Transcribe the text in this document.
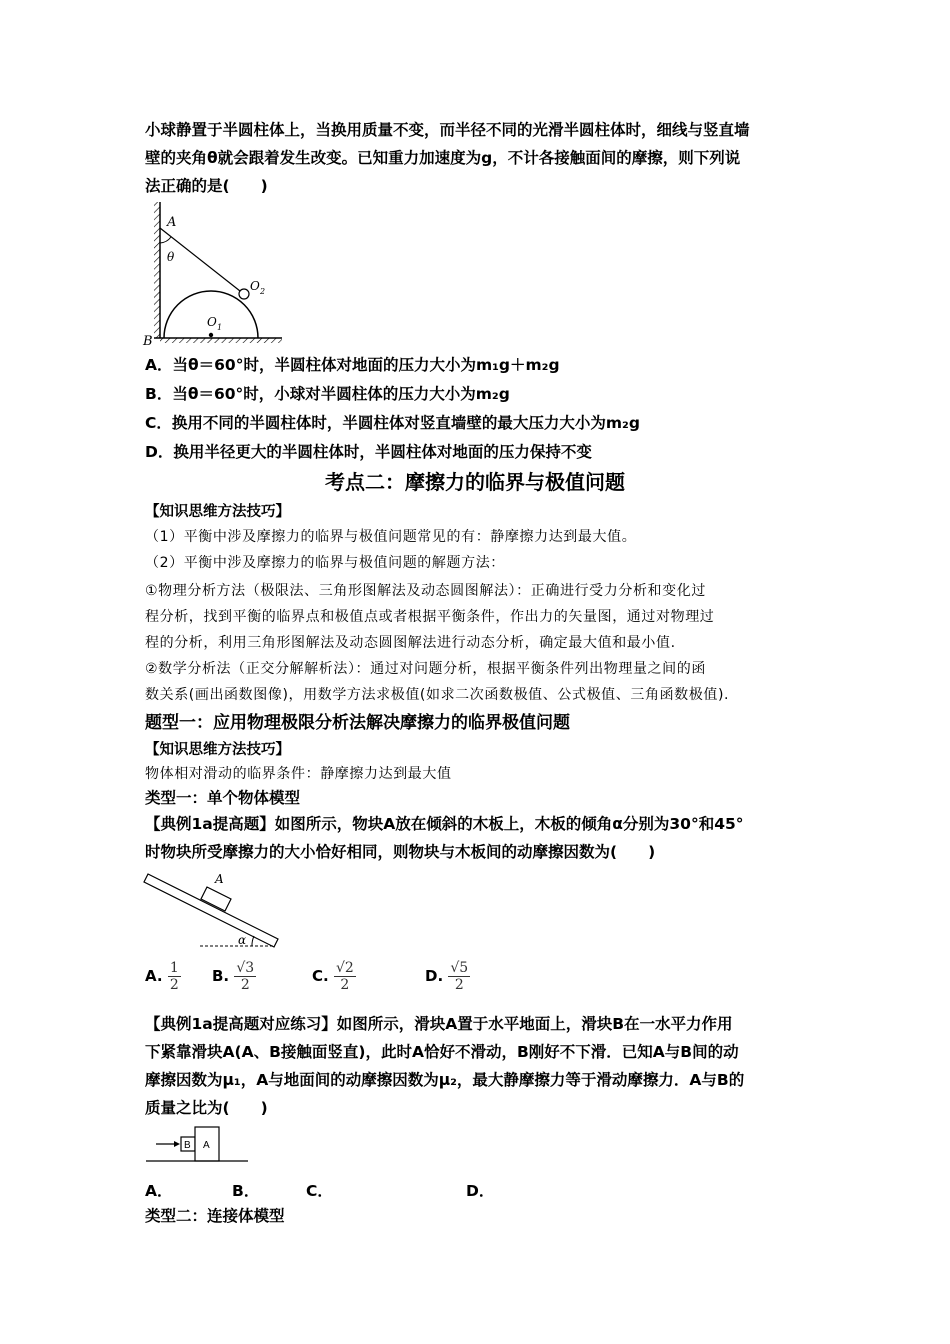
小球静置于半圆柱体上，当换用质量不变，而半径不同的光滑半圆柱体时，细线与竖直墙
壁的夹角θ就会跟着发生改变。已知重力加速度为g，不计各接触面间的摩擦，则下列说
法正确的是(　　)
A
θ
O 2
O 1
B
A．当θ＝60°时，半圆柱体对地面的压力大小为m₁g＋m₂g
B．当θ＝60°时，小球对半圆柱体的压力大小为m₂g
C．换用不同的半圆柱体时，半圆柱体对竖直墙壁的最大压力大小为m₂g
D．换用半径更大的半圆柱体时，半圆柱体对地面的压力保持不变
考点二：摩擦力的临界与极值问题
【知识思维方法技巧】
（1）平衡中涉及摩擦力的临界与极值问题常见的有：静摩擦力达到最大值。
（2）平衡中涉及摩擦力的临界与极值问题的解题方法：
①物理分析方法（极限法、三角形图解法及动态圆图解法）：正确进行受力分析和变化过
程分析，找到平衡的临界点和极值点或者根据平衡条件，作出力的矢量图，通过对物理过
程的分析，利用三角形图解法及动态圆图解法进行动态分析，确定最大值和最小值.
②数学分析法（正交分解解析法）：通过对问题分析，根据平衡条件列出物理量之间的函
数关系(画出函数图像)，用数学方法求极值(如求二次函数极值、公式极值、三角函数极值).
题型一：应用物理极限分析法解决摩擦力的临界极值问题
【知识思维方法技巧】
物体相对滑动的临界条件：静摩擦力达到最大值
类型一：单个物体模型
【典例1a提高题】如图所示，物块A放在倾斜的木板上，木板的倾角α分别为30°和45°
时物块所受摩擦力的大小恰好相同，则物块与木板间的动摩擦因数为(　　)
A
α
A. $\frac{1}{2} B$. $\frac{√3}{2}$	C. $\frac{√2}{2}$	D. $\frac{√5}{2}$
【典例1a提高题对应练习】如图所示，滑块A置于水平地面上，滑块B在一水平力作用
下紧靠滑块A(A、B接触面竖直)，此时A恰好不滑动，B刚好不下滑．已知A与B间的动
摩擦因数为μ₁，A与地面间的动摩擦因数为μ₂，最大静摩擦力等于滑动摩擦力．A与B的
质量之比为(　　)
B A
A．	B．	C．	D．
类型二：连接体模型
